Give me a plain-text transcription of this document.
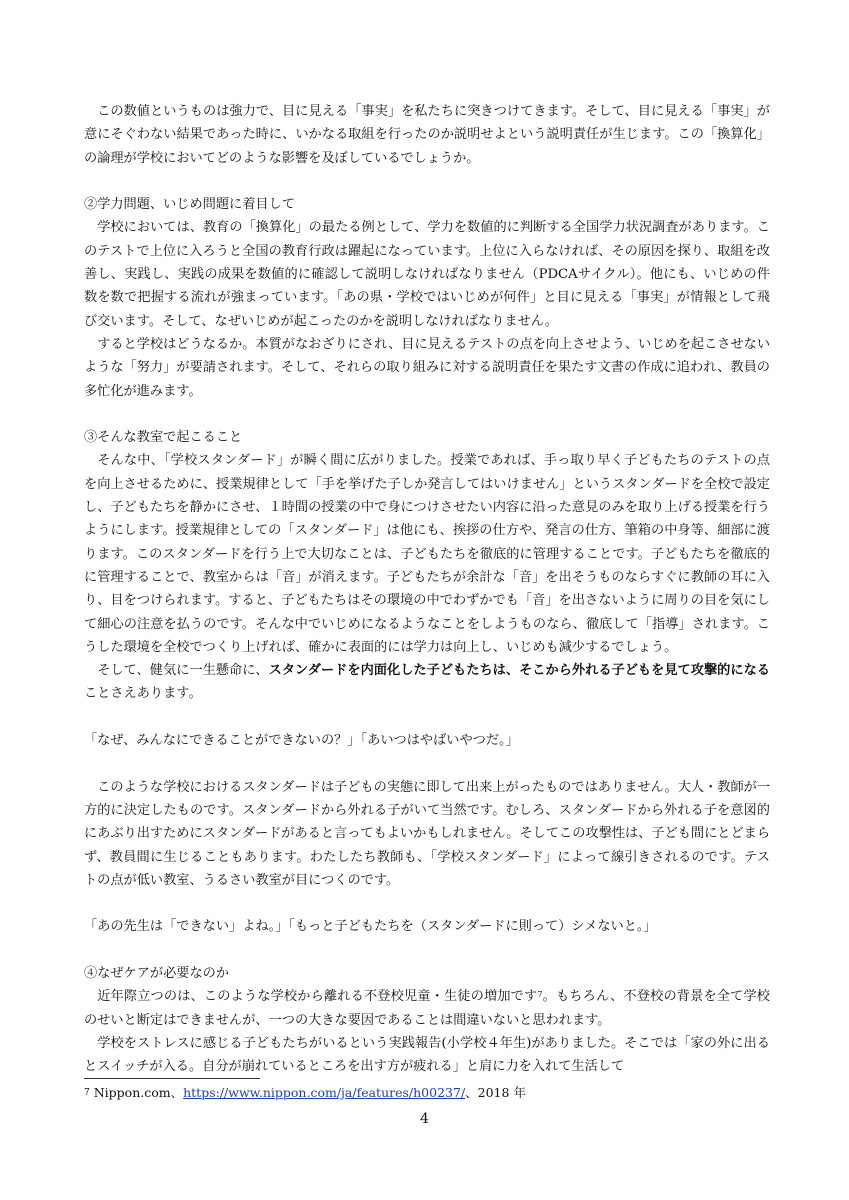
この数値というものは強力で、目に見える「事実」を私たちに突きつけてきます。そして、目に見える「事実」が意にそぐわない結果であった時に、いかなる取組を行ったのか説明せよという説明責任が生じます。この「換算化」の論理が学校においてどのような影響を及ぼしているでしょうか。

②学力問題、いじめ問題に着目して

学校においては、教育の「換算化」の最たる例として、学力を数値的に判断する全国学力状況調査があります。このテストで上位に入ろうと全国の教育行政は躍起になっています。上位に入らなければ、その原因を探り、取組を改善し、実践し、実践の成果を数値的に確認して説明しなければなりません（PDCAサイクル）。他にも、いじめの件数を数で把握する流れが強まっています。「あの県・学校ではいじめが何件」と目に見える「事実」が情報として飛び交います。そして、なぜいじめが起こったのかを説明しなければなりません。

すると学校はどうなるか。本質がなおざりにされ、目に見えるテストの点を向上させよう、いじめを起こさせないような「努力」が要請されます。そして、それらの取り組みに対する説明責任を果たす文書の作成に追われ、教員の多忙化が進みます。

③そんな教室で起こること

そんな中、「学校スタンダード」が瞬く間に広がりました。授業であれば、手っ取り早く子どもたちのテストの点を向上させるために、授業規律として「手を挙げた子しか発言してはいけません」というスタンダードを全校で設定し、子どもたちを静かにさせ、１時間の授業の中で身につけさせたい内容に沿った意見のみを取り上げる授業を行うようにします。授業規律としての「スタンダード」は他にも、挨拶の仕方や、発言の仕方、筆箱の中身等、細部に渡ります。このスタンダードを行う上で大切なことは、子どもたちを徹底的に管理することです。子どもたちを徹底的に管理することで、教室からは「音」が消えます。子どもたちが余計な「音」を出そうものならすぐに教師の耳に入り、目をつけられます。すると、子どもたちはその環境の中でわずかでも「音」を出さないように周りの目を気にして細心の注意を払うのです。そんな中でいじめになるようなことをしようものなら、徹底して「指導」されます。こうした環境を全校でつくり上げれば、確かに表面的には学力は向上し、いじめも減少するでしょう。

そして、健気に一生懸命に、スタンダードを内面化した子どもたちは、そこから外れる子どもを見て攻撃的になることさえあります。

「なぜ、みんなにできることができないの？」「あいつはやばいやつだ。」

このような学校におけるスタンダードは子どもの実態に即して出来上がったものではありません。大人・教師が一方的に決定したものです。スタンダードから外れる子がいて当然です。むしろ、スタンダードから外れる子を意図的にあぶり出すためにスタンダードがあると言ってもよいかもしれません。そしてこの攻撃性は、子ども間にとどまらず、教員間に生じることもあります。わたしたち教師も、「学校スタンダード」によって線引きされるのです。テストの点が低い教室、うるさい教室が目につくのです。

「あの先生は「できない」よね。」「もっと子どもたちを（スタンダードに則って）シメないと。」

④なぜケアが必要なのか

近年際立つのは、このような学校から離れる不登校児童・生徒の増加です$^7$。もちろん、不登校の背景を全て学校のせいと断定はできませんが、一つの大きな要因であることは間違いないと思われます。

学校をストレスに感じる子どもたちがいるという実践報告(小学校４年生)がありました。そこでは「家の外に出るとスイッチが入る。自分が崩れているところを出す方が疲れる」と肩に力を入れて生活して

$^7$ Nippon.com、https://www.nippon.com/ja/features/h00237/、2018 年
4
